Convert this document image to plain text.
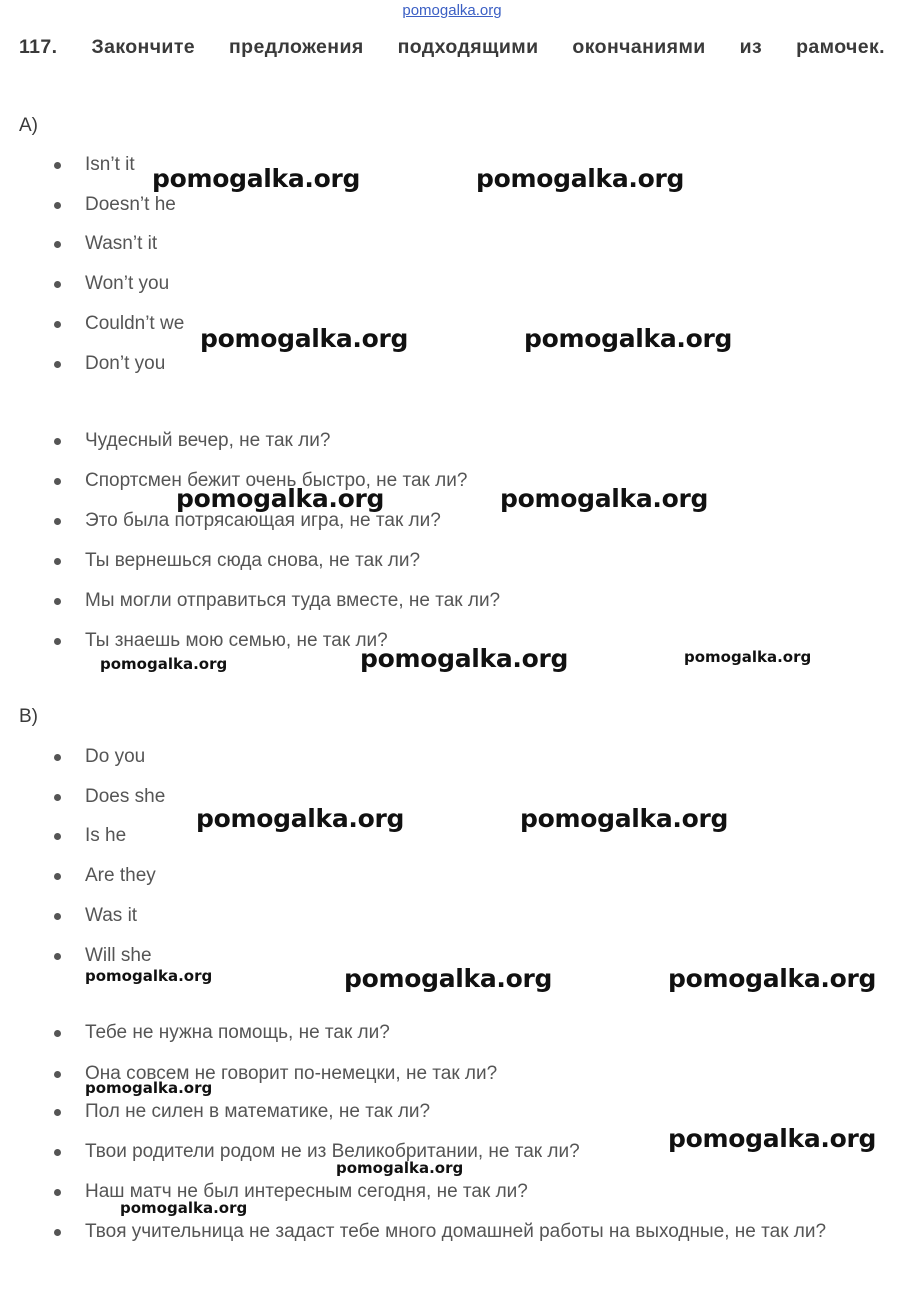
pomogalka.org
117. Закончите предложения подходящими окончаниями из рамочек.
A)
Isn’t it
Doesn’t he
Wasn’t it
Won’t you
Couldn’t we
Don’t you
Чудесный вечер, не так ли?
Спортсмен бежит очень быстро, не так ли?
Это была потрясающая игра, не так ли?
Ты вернешься сюда снова, не так ли?
Мы могли отправиться туда вместе, не так ли?
Ты знаешь мою семью, не так ли?
B)
Do you
Does she
Is he
Are they
Was it
Will she
Тебе не нужна помощь, не так ли?
Она совсем не говорит по-немецки, не так ли?
Пол не силен в математике, не так ли?
Твои родители родом не из Великобритании, не так ли?
Наш матч не был интересным сегодня, не так ли?
Твоя учительница не задаст тебе много домашней работы на выходные, не так ли?
pomogalka.org	pomogalka.org
pomogalka.org	pomogalka.org
pomogalka.org	pomogalka.org
pomogalka.org	pomogalka.org	pomogalka.org
pomogalka.org	pomogalka.org
pomogalka.org	pomogalka.org	pomogalka.org
pomogalka.org
pomogalka.org
pomogalka.org
pomogalka.org
